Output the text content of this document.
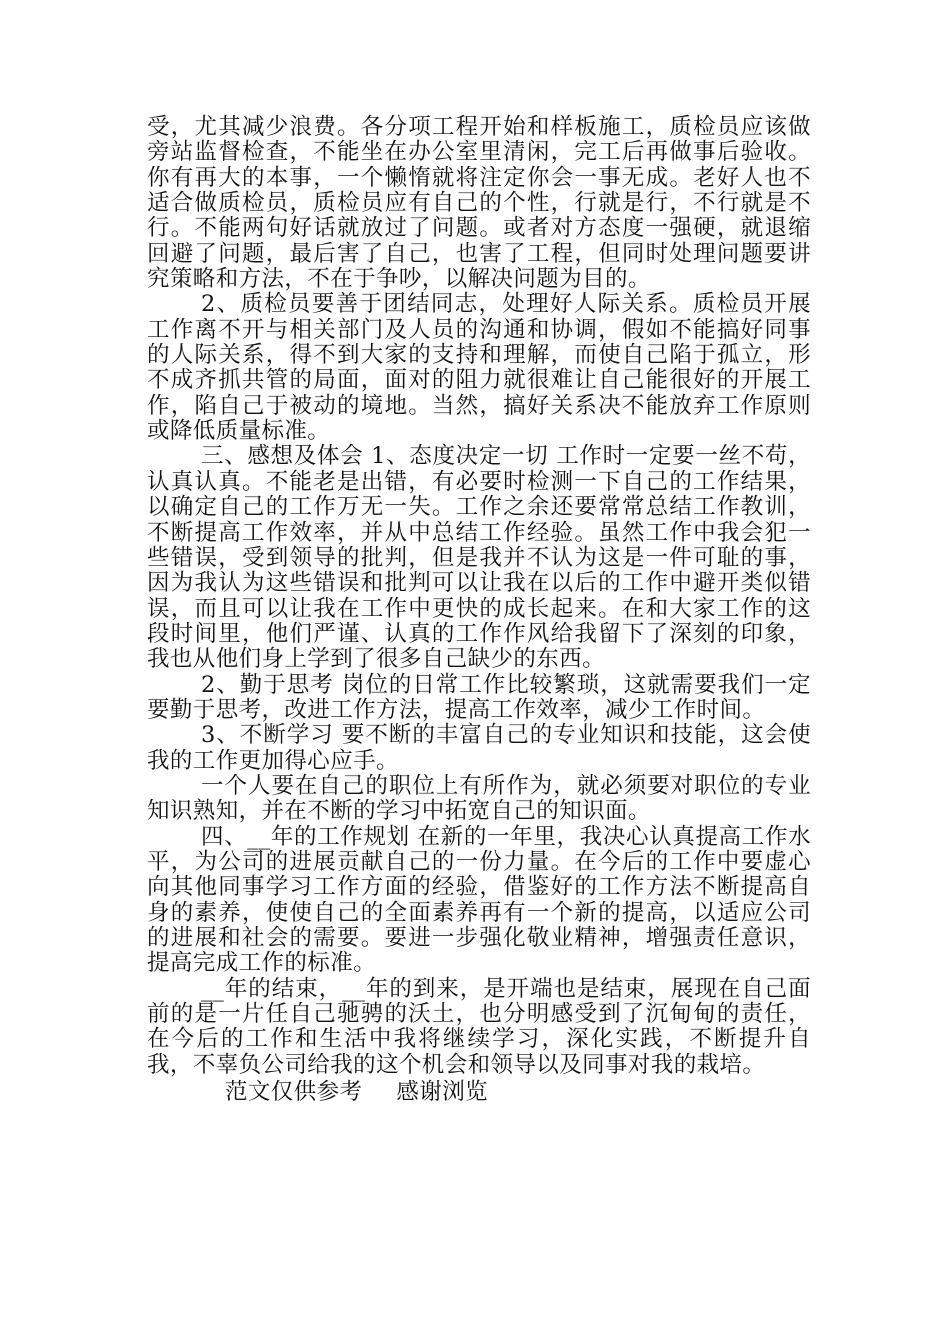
受，尤其减少浪费。各分项工程开始和样板施工，质检员应该做旁站监督检查，不能坐在办公室里清闲，完工后再做事后验收。你有再大的本事，一个懒惰就将注定你会一事无成。老好人也不适合做质检员，质检员应有自己的个性，行就是行，不行就是不行。不能两句好话就放过了问题。或者对方态度一强硬，就退缩回避了问题，最后害了自己，也害了工程，但同时处理问题要讲究策略和方法，不在于争吵，以解决问题为目的。

2、质检员要善于团结同志，处理好人际关系。质检员开展工作离不开与相关部门及人员的沟通和协调，假如不能搞好同事的人际关系，得不到大家的支持和理解，而使自己陷于孤立，形不成齐抓共管的局面，面对的阻力就很难让自己能很好的开展工作，陷自己于被动的境地。当然，搞好关系决不能放弃工作原则或降低质量标准。

三、感想及体会 1、态度决定一切 工作时一定要一丝不苟，认真认真。不能老是出错，有必要时检测一下自己的工作结果，以确定自己的工作万无一失。工作之余还要常常总结工作教训，不断提高工作效率，并从中总结工作经验。虽然工作中我会犯一些错误，受到领导的批判，但是我并不认为这是一件可耻的事，因为我认为这些错误和批判可以让我在以后的工作中避开类似错误，而且可以让我在工作中更快的成长起来。在和大家工作的这段时间里，他们严谨、认真的工作作风给我留下了深刻的印象，我也从他们身上学到了很多自己缺少的东西。

2、勤于思考 岗位的日常工作比较繁琐，这就需要我们一定要勤于思考，改进工作方法，提高工作效率，减少工作时间。

3、不断学习 要不断的丰富自己的专业知识和技能，这会使我的工作更加得心应手。

一个人要在自己的职位上有所作为，就必须要对职位的专业知识熟知，并在不断的学习中拓宽自己的知识面。

四、__年的工作规划 在新的一年里，我决心认真提高工作水平，为公司的进展贡献自己的一份力量。在今后的工作中要虚心向其他同事学习工作方面的经验，借鉴好的工作方法不断提高自身的素养，使使自己的全面素养再有一个新的提高，以适应公司的进展和社会的需要。要进一步强化敬业精神，增强责任意识，提高完成工作的标准。

__年的结束，__年的到来，是开端也是结束，展现在自己面前的是一片任自己驰骋的沃土，也分明感受到了沉甸甸的责任，在今后的工作和生活中我将继续学习，深化实践，不断提升自我，不辜负公司给我的这个机会和领导以及同事对我的栽培。

范文仅供参考 感谢浏览
